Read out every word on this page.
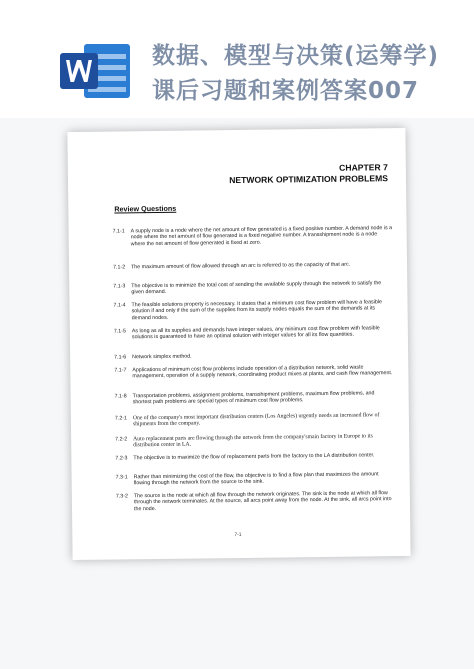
数据、模型与决策(运筹学)
课后习题和案例答案007
CHAPTER 7
NETWORK OPTIMIZATION PROBLEMS
Review Questions
7.1-1	A supply node is a node where the net amount of flow generated is a fixed positive number. A demand node is a node where the net amount of flow generated is a fixed negative number. A transshipment node is a node where the net amount of flow generated is fixed at zero.
7.1-2	The maximum amount of flow allowed through an arc is referred to as the capacity of that arc.
7.1-3	The objective is to minimize the total cost of sending the available supply through the network to satisfy the given demand.
7.1-4	The feasible solutions property is necessary. It states that a minimum cost flow problem will have a feasible solution if and only if the sum of the supplies from its supply nodes equals the sum of the demands at its demand nodes.
7.1-5	As long as all its supplies and demands have integer values, any minimum cost flow problem with feasible solutions is guaranteed to have an optimal solution with integer values for all its flow quantities.
7.1-6	Network simplex method.
7.1-7	Applications of minimum cost flow problems include operation of a distribution network, solid waste management, operation of a supply network, coordinating product mixes at plants, and cash flow management.
7.1-8	Transportation problems, assignment problems, transshipment problems, maximum flow problems, and shortest path problems are special types of minimum cost flow problems.
7.2-1	One of the company's most important distribution centers (Los Angeles) urgently needs an increased flow of shipments from the company.
7.2-2	Auto replacement parts are flowing through the network from the company'smain factory in Europe to its distribution center in LA.
7.2-3	The objective is to maximize the flow of replacement parts from the factory to the LA distribution center.
7.3-1	Rather than minimizing the cost of the flow, the objective is to find a flow plan that maximizes the amount flowing through the network from the source to the sink.
7.3-2	The source is the node at which all flow through the network originates. The sink is the node at which all flow through the network terminates. At the source, all arcs point away from the node. At the sink, all arcs point into the node.
7-1
